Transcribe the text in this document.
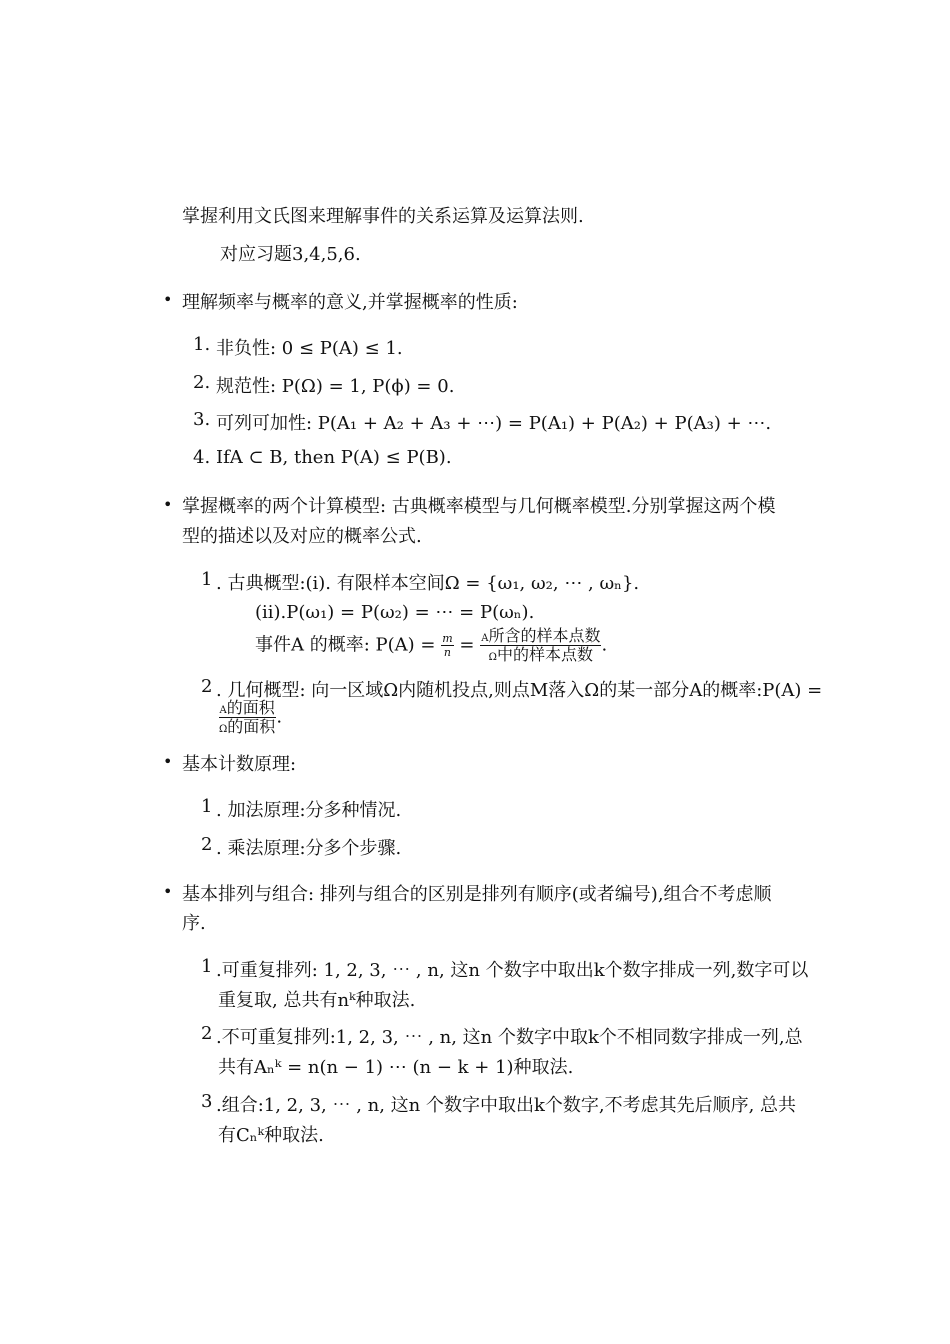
掌握利用文氏图来理解事件的关系运算及运算法则.
对应习题3,4,5,6.
• 理解频率与概率的意义,并掌握概率的性质:
1. 非负性: 0 ≤ P(A) ≤ 1.
2. 规范性: P(Ω) = 1, P(ϕ) = 0.
3. 可列可加性: P(A₁ + A₂ + A₃ + ⋯) = P(A₁) + P(A₂) + P(A₃) + ⋯.
4. IfA ⊂ B, then P(A) ≤ P(B).
• 掌握概率的两个计算模型: 古典概率模型与几何概率模型.分别掌握这两个模
型的描述以及对应的概率公式.
1 . 古典概型:(i). 有限样本空间Ω = {ω₁, ω₂, ⋯ , ωₙ}.
(ii).P(ω₁) = P(ω₂) = ⋯ = P(ωₙ).
事件A 的概率: $P(A) = \frac{m}{n} = \frac{\text{A所含的样本点数}}{\text{Ω中的样本点数}}$ .
2 . 几何概型: 向一区域Ω内随机投点,则点M落入Ω的某一部分A的概率:P(A) =
$\frac{\text{A的面积}}{\text{Ω的面积}}$ .
• 基本计数原理:
1 . 加法原理:分多种情况.
2 . 乘法原理:分多个步骤.
• 基本排列与组合: 排列与组合的区别是排列有顺序(或者编号),组合不考虑顺
序.
1 .可重复排列: 1, 2, 3, ⋯ , n, 这n 个数字中取出k个数字排成一列,数字可以
重复取, 总共有nᵏ种取法.
2 .不可重复排列:1, 2, 3, ⋯ , n, 这n 个数字中取k个不相同数字排成一列,总
共有Aₙᵏ = n(n − 1) ⋯ (n − k + 1)种取法.
3 .组合:1, 2, 3, ⋯ , n, 这n 个数字中取出k个数字,不考虑其先后顺序, 总共
有Cₙᵏ种取法.
